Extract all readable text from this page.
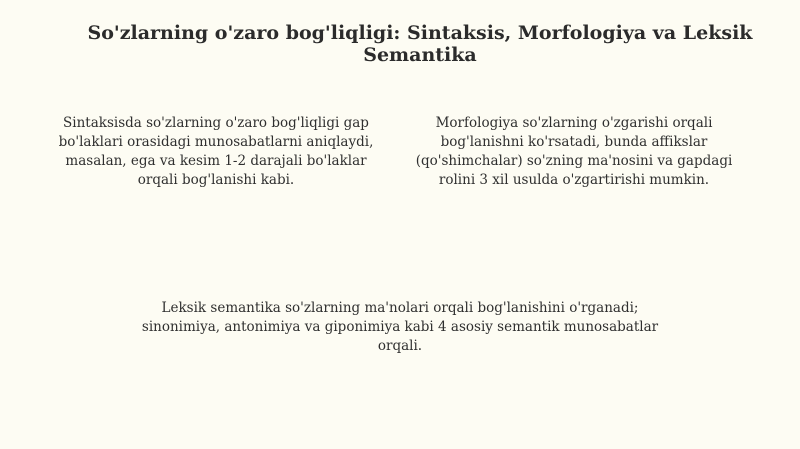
So'zlarning o'zaro bog'liqligi: Sintaksis, Morfologiya va Leksik Semantika

Sintaksisda so'zlarning o'zaro bog'liqligi gap bo'laklari orasidagi munosabatlarni aniqlaydi, masalan, ega va kesim 1-2 darajali bo'laklar orqali bog'lanishi kabi.

Morfologiya so'zlarning o'zgarishi orqali bog'lanishni ko'rsatadi, bunda affikslar (qo'shimchalar) so'zning ma'nosini va gapdagi rolini 3 xil usulda o'zgartirishi mumkin.

Leksik semantika so'zlarning ma'nolari orqali bog'lanishini o'rganadi; sinonimiya, antonimiya va giponimiya kabi 4 asosiy semantik munosabatlar orqali.
